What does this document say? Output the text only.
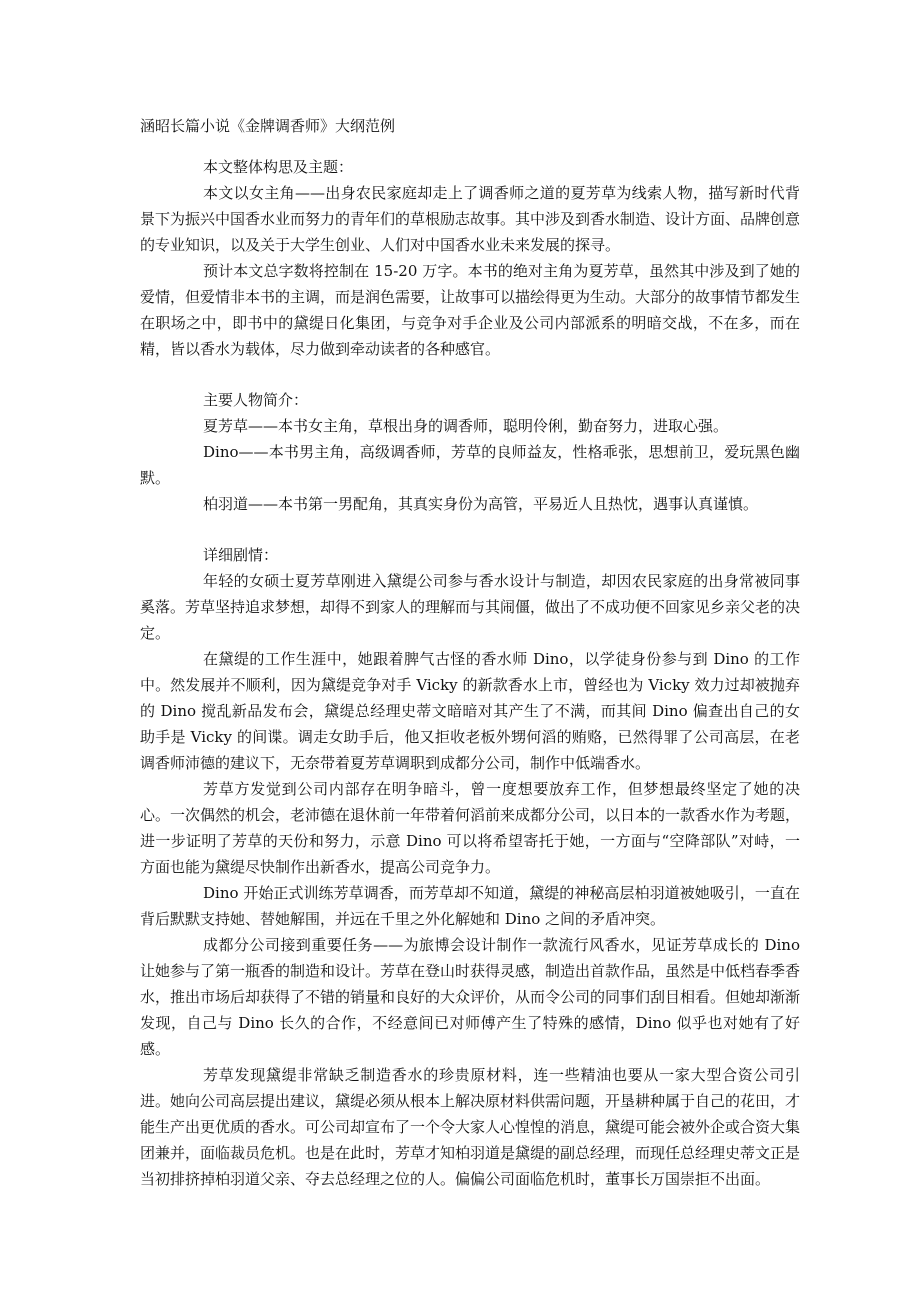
涵昭长篇小说《金牌调香师》大纲范例
本文整体构思及主题：

本文以女主角——出身农民家庭却走上了调香师之道的夏芳草为线索人物，描写新时代背景下为振兴中国香水业而努力的青年们的草根励志故事。其中涉及到香水制造、设计方面、品牌创意的专业知识，以及关于大学生创业、人们对中国香水业未来发展的探寻。

预计本文总字数将控制在 15-20 万字。本书的绝对主角为夏芳草，虽然其中涉及到了她的爱情，但爱情非本书的主调，而是润色需要，让故事可以描绘得更为生动。大部分的故事情节都发生在职场之中，即书中的黛缇日化集团，与竞争对手企业及公司内部派系的明暗交战，不在多，而在精，皆以香水为载体，尽力做到牵动读者的各种感官。

主要人物简介：

夏芳草——本书女主角，草根出身的调香师，聪明伶俐，勤奋努力，进取心强。

Dino——本书男主角，高级调香师，芳草的良师益友，性格乖张，思想前卫，爱玩黑色幽默。

柏羽道——本书第一男配角，其真实身份为高管，平易近人且热忱，遇事认真谨慎。

详细剧情：

年轻的女硕士夏芳草刚进入黛缇公司参与香水设计与制造，却因农民家庭的出身常被同事奚落。芳草坚持追求梦想，却得不到家人的理解而与其闹僵，做出了不成功便不回家见乡亲父老的决定。

在黛缇的工作生涯中，她跟着脾气古怪的香水师 Dino，以学徒身份参与到 Dino 的工作中。然发展并不顺利，因为黛缇竞争对手 Vicky 的新款香水上市，曾经也为 Vicky 效力过却被抛弃的 Dino 搅乱新品发布会，黛缇总经理史蒂文暗暗对其产生了不满，而其间 Dino 偏查出自己的女助手是 Vicky 的间谍。调走女助手后，他又拒收老板外甥何滔的贿赂，已然得罪了公司高层，在老调香师沛德的建议下，无奈带着夏芳草调职到成都分公司，制作中低端香水。

芳草方发觉到公司内部存在明争暗斗，曾一度想要放弃工作，但梦想最终坚定了她的决心。一次偶然的机会，老沛德在退休前一年带着何滔前来成都分公司，以日本的一款香水作为考题，进一步证明了芳草的天份和努力，示意 Dino 可以将希望寄托于她，一方面与“空降部队”对峙，一方面也能为黛缇尽快制作出新香水，提高公司竞争力。

Dino 开始正式训练芳草调香，而芳草却不知道，黛缇的神秘高层柏羽道被她吸引，一直在背后默默支持她、替她解围，并远在千里之外化解她和 Dino 之间的矛盾冲突。

成都分公司接到重要任务——为旅博会设计制作一款流行风香水，见证芳草成长的 Dino 让她参与了第一瓶香的制造和设计。芳草在登山时获得灵感，制造出首款作品，虽然是中低档春季香水，推出市场后却获得了不错的销量和良好的大众评价，从而令公司的同事们刮目相看。但她却渐渐发现，自己与 Dino 长久的合作，不经意间已对师傅产生了特殊的感情，Dino 似乎也对她有了好感。

芳草发现黛缇非常缺乏制造香水的珍贵原材料，连一些精油也要从一家大型合资公司引进。她向公司高层提出建议，黛缇必须从根本上解决原材料供需问题，开垦耕种属于自己的花田，才能生产出更优质的香水。可公司却宣布了一个令大家人心惶惶的消息，黛缇可能会被外企或合资大集团兼并，面临裁员危机。也是在此时，芳草才知柏羽道是黛缇的副总经理，而现任总经理史蒂文正是当初排挤掉柏羽道父亲、夺去总经理之位的人。偏偏公司面临危机时，董事长万国崇拒不出面。
